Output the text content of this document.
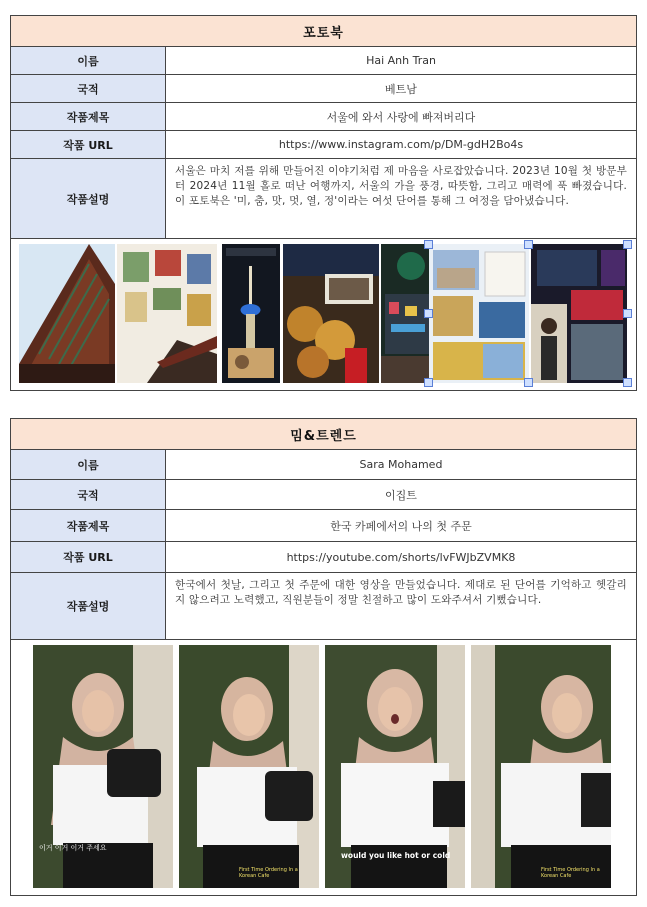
포토북
이름	Hai Anh Tran
국적	베트남
작품제목	서울에 와서 사랑에 빠져버리다
작품 URL	https://www.instagram.com/p/DM-gdH2Bo4s
작품설명
서울은 마치 저를 위해 만들어진 이야기처럼 제 마음을 사로잡았습니다. 2023년 10월 첫 방문부터 2024년 11월 홀로 떠난 여행까지, 서울의 가을 풍경, 따뜻함, 그리고 매력에 푹 빠졌습니다. 이 포토북은 '미, 춤, 맛, 멋, 열, 정'이라는 여섯 단어를 통해 그 여정을 담아냈습니다.
밈&트렌드
이름	Sara Mohamed
국적	이집트
작품제목	한국 카페에서의 나의 첫 주문
작품 URL	https://youtube.com/shorts/lvFWJbZVMK8
작품설명
한국에서 첫날, 그리고 첫 주문에 대한 영상을 만들었습니다. 제대로 된 단어를 기억하고 헷갈리지 않으려고 노력했고, 직원분들이 정말 친절하고 많이 도와주셔서 기뻤습니다.
이거 이거 이거 주세요
First Time Ordering In a Korean Cafe
would you like hot or cold
First Time Ordering In a Korean Cafe
